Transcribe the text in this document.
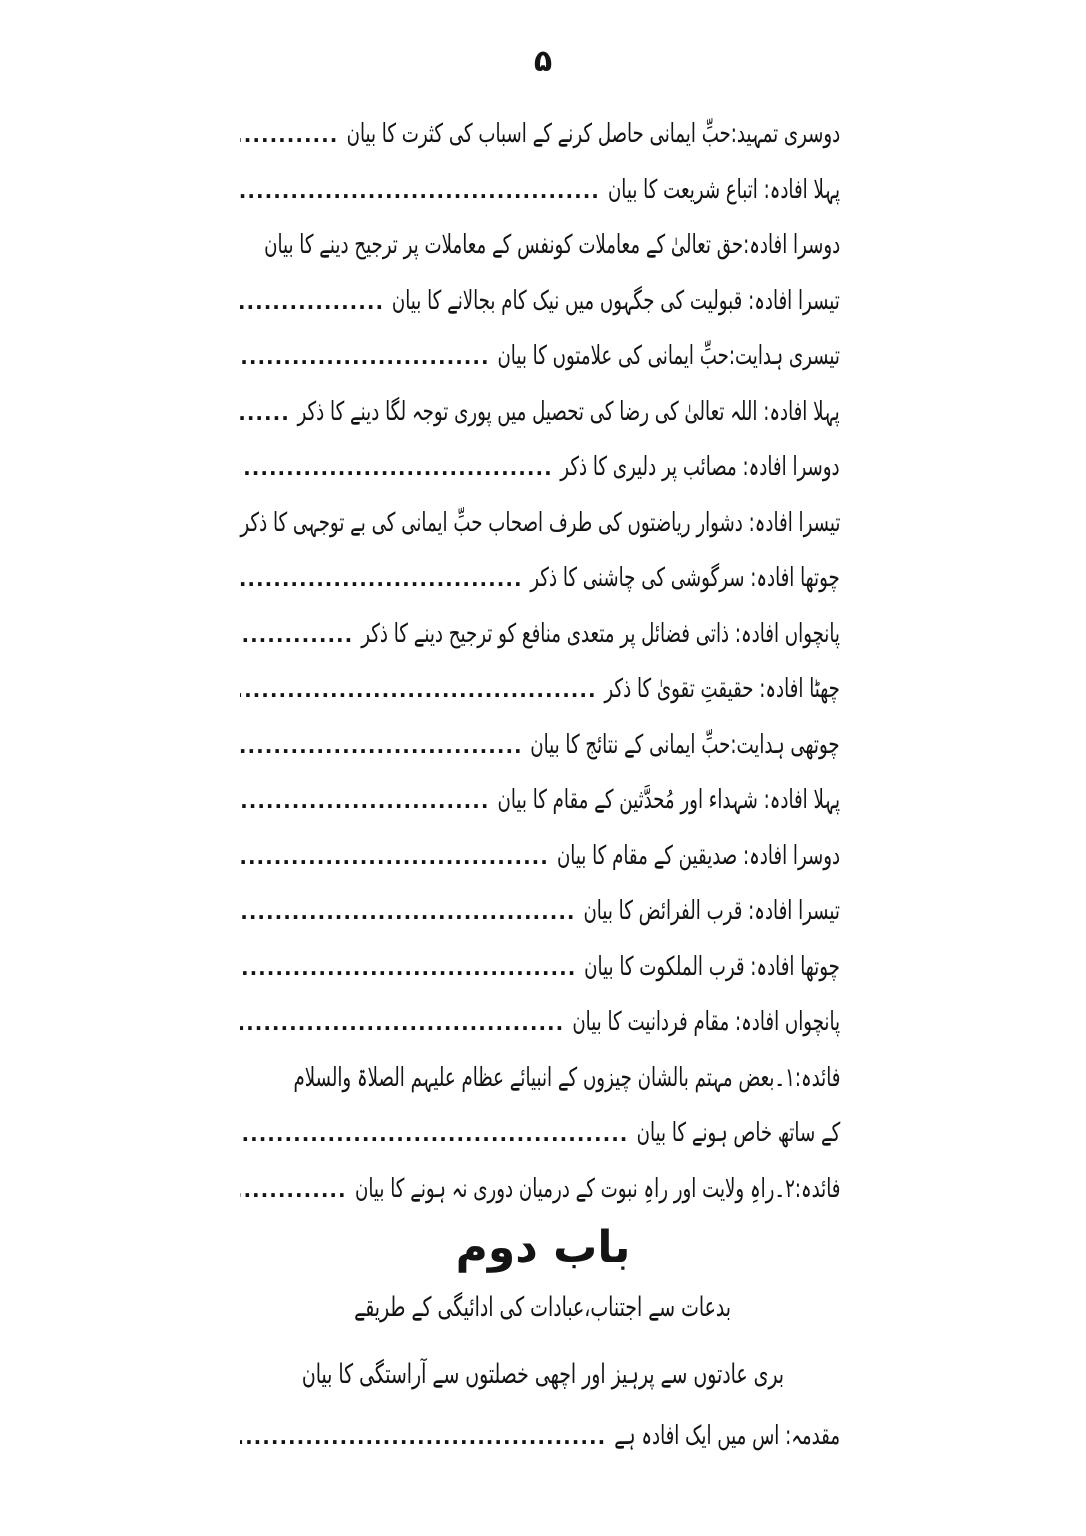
۵
دوسری تمہید:حبِّ ایمانی حاصل کرنے کے اسباب کی کثرت کا بیان
.....
پہلا افادہ: اتباع شریعت کا بیان
.....
دوسرا افادہ:حق تعالیٰ کے معاملات کونفس کے معاملات پر ترجیح دینے کا بیان
تیسرا افادہ: قبولیت کی جگہوں میں نیک کام بجالانے کا بیان
.....
تیسری ہدایت:حبِّ ایمانی کی علامتوں کا بیان
.....
پہلا افادہ: اللہ تعالیٰ کی رضا کی تحصیل میں پوری توجہ لگا دینے کا ذکر
.....
دوسرا افادہ: مصائب پر دلیری کا ذکر
.....
تیسرا افادہ: دشوار ریاضتوں کی طرف اصحاب حبِّ ایمانی کی بے توجہی کا ذکر
چوتھا افادہ: سرگوشی کی چاشنی کا ذکر
.....
پانچواں افادہ: ذاتی فضائل پر متعدی منافع کو ترجیح دینے کا ذکر
.....
چھٹا افادہ: حقیقتِ تقویٰ کا ذکر
.....
چوتھی ہدایت:حبِّ ایمانی کے نتائج کا بیان
.....
پہلا افادہ: شہداء اور مُحدَّثین کے مقام کا بیان
.....
دوسرا افادہ: صدیقین کے مقام کا بیان
.....
تیسرا افادہ: قرب الفرائض کا بیان
.....
چوتھا افادہ: قرب الملکوت کا بیان
.....
پانچواں افادہ: مقام فردانیت کا بیان
.....
فائدہ:۱۔بعض مہتم بالشان چیزوں کے انبیائے عظام علیہم الصلاۃ والسلام
کے ساتھ خاص ہونے کا بیان
.....
فائدہ:۲۔راہِ ولایت اور راہِ نبوت کے درمیان دوری نہ ہونے کا بیان
.....
باب دوم
بدعات سے اجتناب،عبادات کی ادائیگی کے طریقے
بری عادتوں سے پرہیز اور اچھی خصلتوں سے آراستگی کا بیان
مقدمہ: اس میں ایک افادہ ہے
.....
